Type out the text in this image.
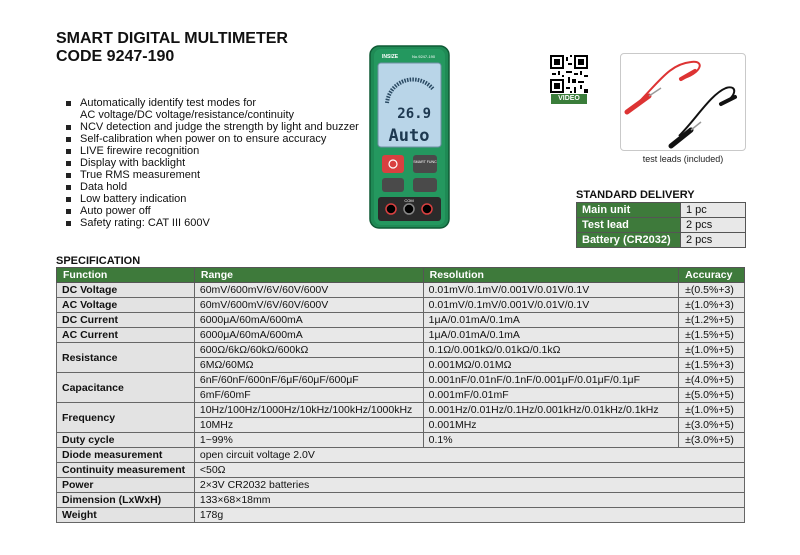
SMART DIGITAL MULTIMETER
CODE 9247-190
Automatically identify test modes for
AC voltage/DC voltage/resistance/continuity
NCV detection and judge the strength by light and buzzer
Self-calibration when power on to ensure accuracy
LIVE firewire recognition
Display with backlight
True RMS measurement
Data hold
Low battery indication
Auto power off
Safety rating: CAT III 600V
INSIZE	No.9247-190
26.9
Auto
SMART FUNC
COM
VIDEO
test leads (included)
STANDARD DELIVERY
Main unit	1 pc
Test lead	2 pcs
Battery (CR2032)	2 pcs
SPECIFICATION
Function	Range	Resolution	Accuracy
DC Voltage	60mV/600mV/6V/60V/600V	0.01mV/0.1mV/0.001V/0.01V/0.1V	±(0.5%+3)
AC Voltage	60mV/600mV/6V/60V/600V	0.01mV/0.1mV/0.001V/0.01V/0.1V	±(1.0%+3)
DC Current	6000μA/60mA/600mA	1μA/0.01mA/0.1mA	±(1.2%+5)
AC Current	6000μA/60mA/600mA	1μA/0.01mA/0.1mA	±(1.5%+5)
Resistance	600Ω/6kΩ/60kΩ/600kΩ	0.1Ω/0.001kΩ/0.01kΩ/0.1kΩ	±(1.0%+5)
	6MΩ/60MΩ	0.001MΩ/0.01MΩ	±(1.5%+3)
Capacitance	6nF/60nF/600nF/6μF/60μF/600μF	0.001nF/0.01nF/0.1nF/0.001μF/0.01μF/0.1μF	±(4.0%+5)
	6mF/60mF	0.001mF/0.01mF	±(5.0%+5)
Frequency	10Hz/100Hz/1000Hz/10kHz/100kHz/1000kHz	0.001Hz/0.01Hz/0.1Hz/0.001kHz/0.01kHz/0.1kHz	±(1.0%+5)
	10MHz	0.001MHz	±(3.0%+5)
Duty cycle	1~99%	0.1%	±(3.0%+5)
Diode measurement	open circuit voltage 2.0V		
Continuity measurement	<50Ω		
Power	2×3V CR2032 batteries		
Dimension (LxWxH)	133×68×18mm		
Weight	178g		
